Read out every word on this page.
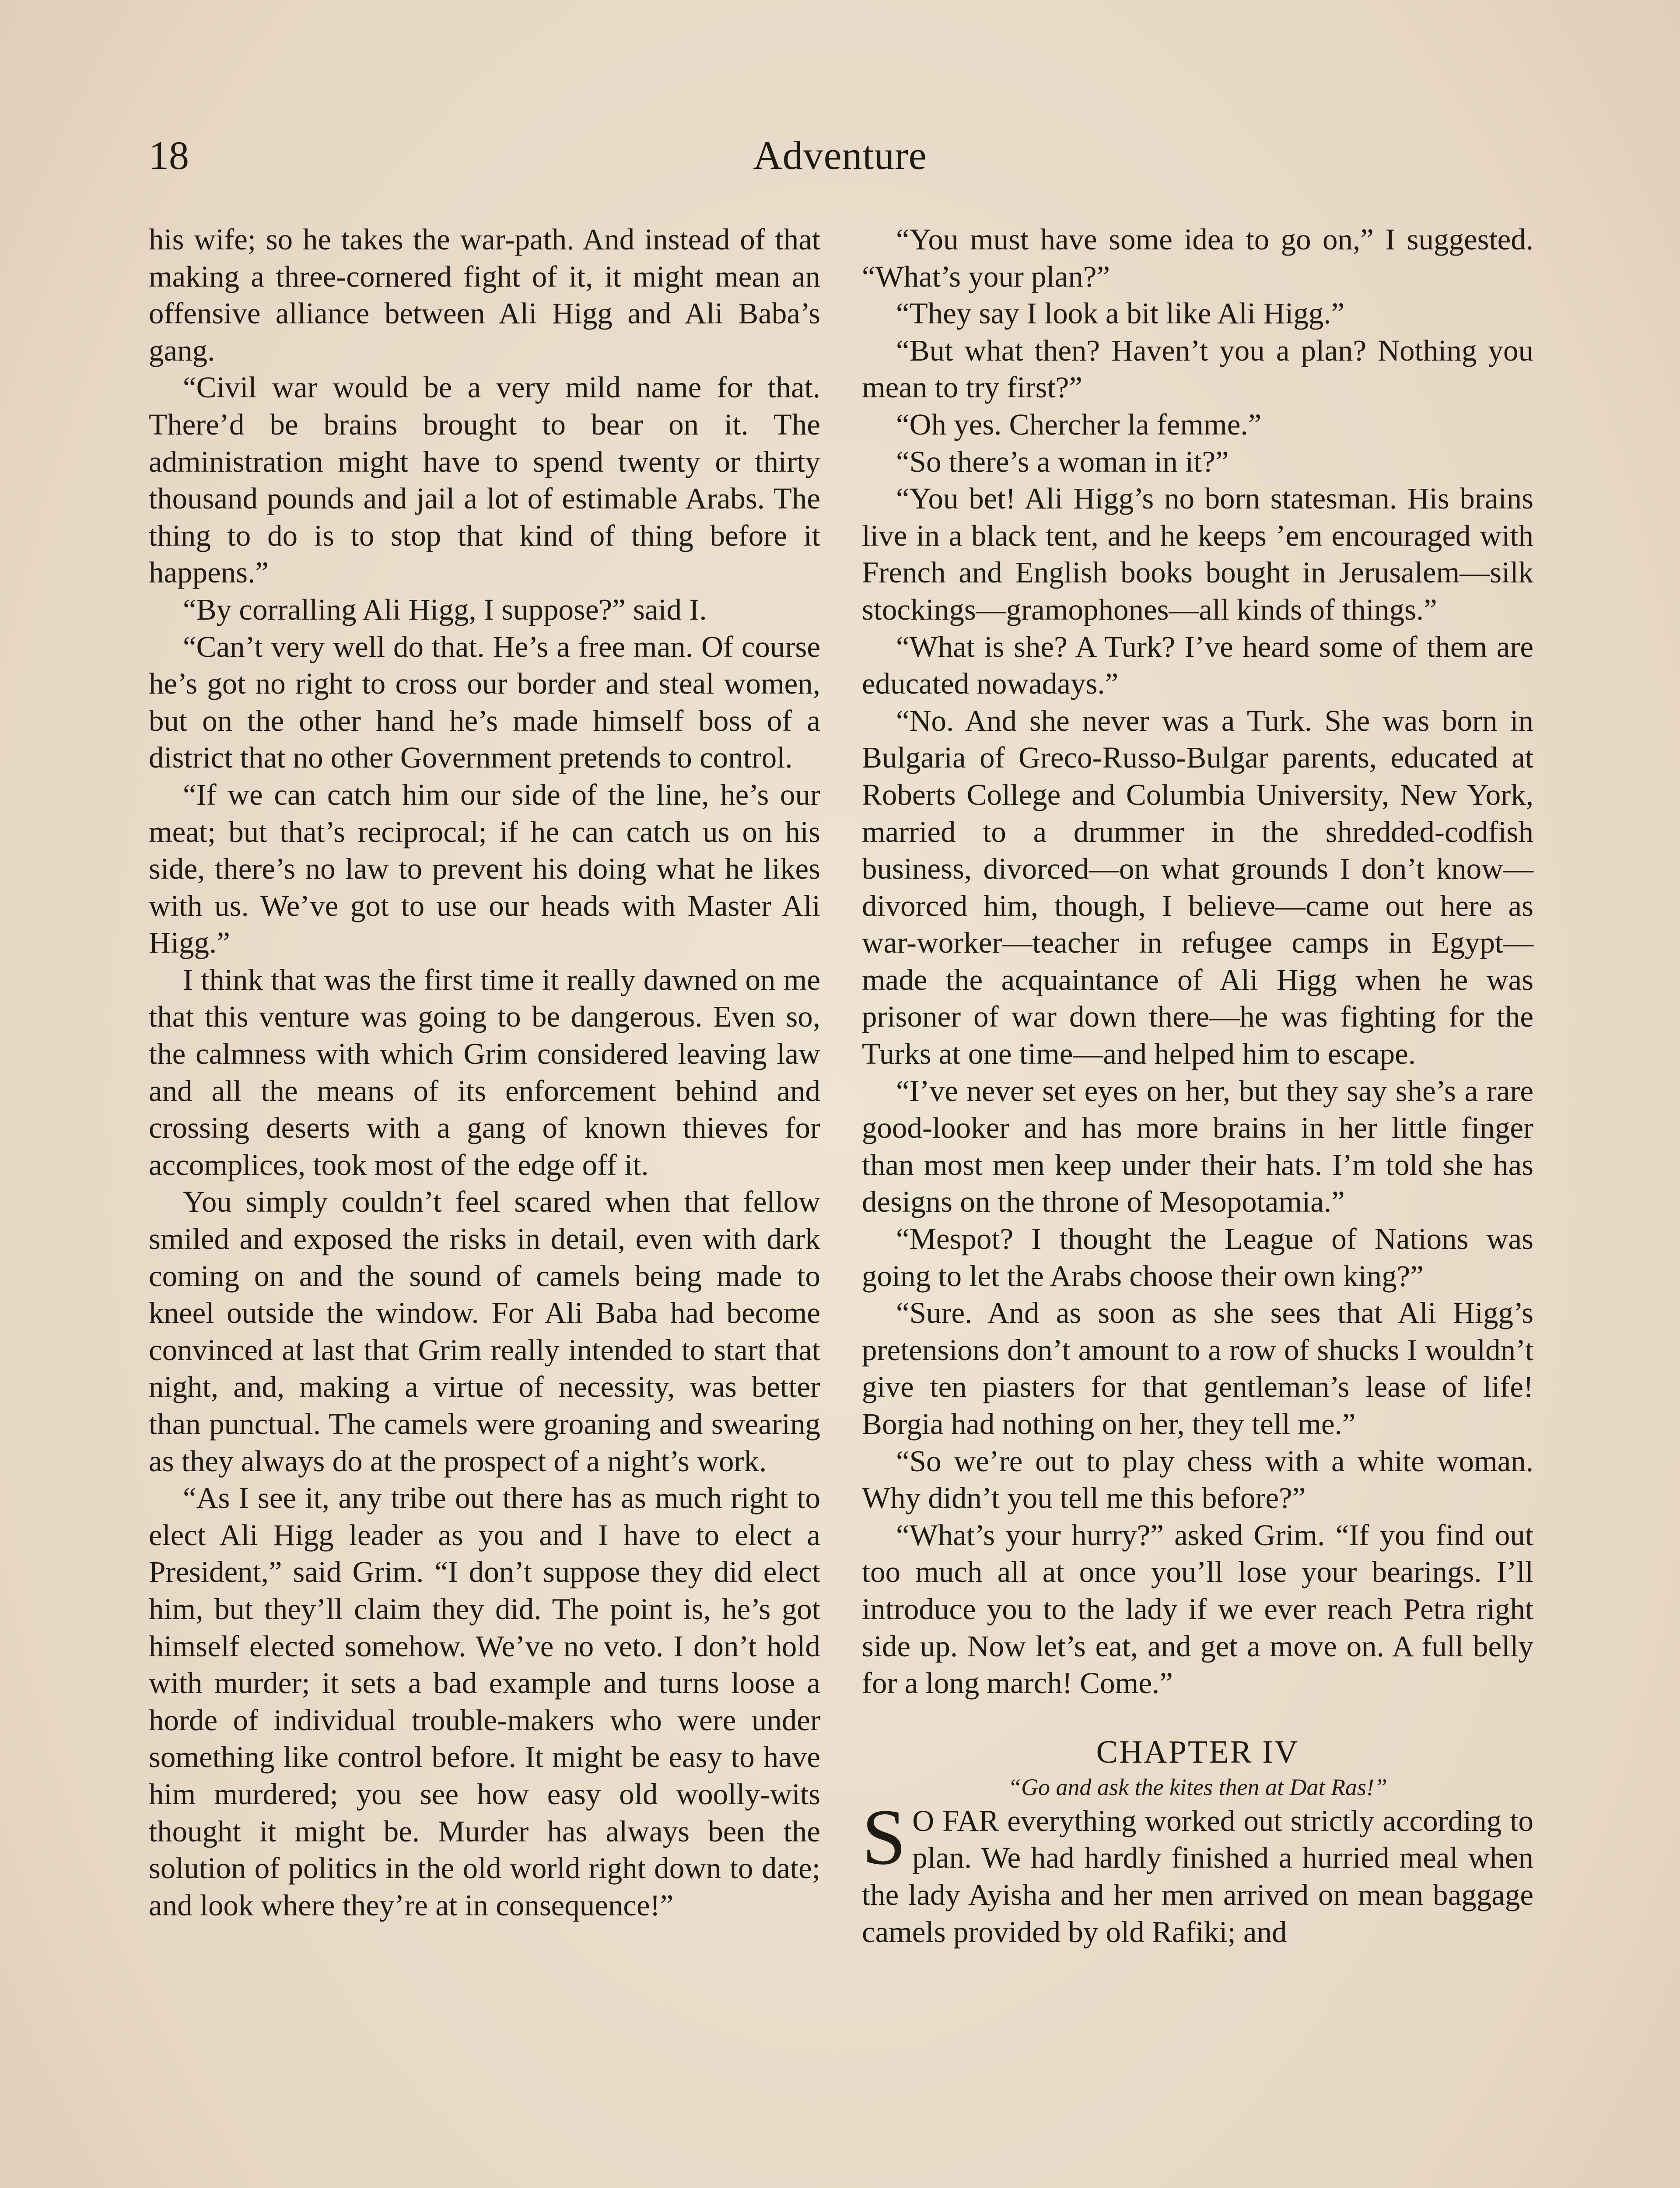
18	Adventure

his wife; so he takes the war-path. And instead of that making a three-cornered fight of it, it might mean an offensive alliance between Ali Higg and Ali Baba’s gang.

“Civil war would be a very mild name for that. There’d be brains brought to bear on it. The administration might have to spend twenty or thirty thousand pounds and jail a lot of estimable Arabs. The thing to do is to stop that kind of thing before it happens.”

“By corralling Ali Higg, I suppose?” said I.

“Can’t very well do that. He’s a free man. Of course he’s got no right to cross our border and steal women, but on the other hand he’s made himself boss of a district that no other Government pretends to control.

“If we can catch him our side of the line, he’s our meat; but that’s reciprocal; if he can catch us on his side, there’s no law to prevent his doing what he likes with us. We’ve got to use our heads with Master Ali Higg.”

I think that was the first time it really dawned on me that this venture was going to be dangerous. Even so, the calmness with which Grim considered leaving law and all the means of its enforcement behind and crossing deserts with a gang of known thieves for accomplices, took most of the edge off it.

You simply couldn’t feel scared when that fellow smiled and exposed the risks in detail, even with dark coming on and the sound of camels being made to kneel outside the window. For Ali Baba had become convinced at last that Grim really intended to start that night, and, making a virtue of necessity, was better than punctual. The camels were groaning and swearing as they always do at the prospect of a night’s work.

“As I see it, any tribe out there has as much right to elect Ali Higg leader as you and I have to elect a President,” said Grim. “I don’t suppose they did elect him, but they’ll claim they did. The point is, he’s got himself elected somehow. We’ve no veto. I don’t hold with murder; it sets a bad example and turns loose a horde of individual trouble-makers who were under something like control before. It might be easy to have him murdered; you see how easy old woolly-wits thought it might be. Murder has always been the solution of politics in the old world right down to date; and look where they’re at in consequence!”

“You must have some idea to go on,” I suggested. “What’s your plan?”

“They say I look a bit like Ali Higg.”

“But what then? Haven’t you a plan? Nothing you mean to try first?”

“Oh yes. Chercher la femme.”

“So there’s a woman in it?”

“You bet! Ali Higg’s no born statesman. His brains live in a black tent, and he keeps ’em encouraged with French and English books bought in Jerusalem—silk stockings—gramophones—all kinds of things.”

“What is she? A Turk? I’ve heard some of them are educated nowadays.”

“No. And she never was a Turk. She was born in Bulgaria of Greco-Russo-Bulgar parents, educated at Roberts College and Columbia University, New York, married to a drummer in the shredded-codfish business, divorced—on what grounds I don’t know—divorced him, though, I believe—came out here as war-worker—teacher in refugee camps in Egypt—made the acquaintance of Ali Higg when he was prisoner of war down there—he was fighting for the Turks at one time—and helped him to escape.

“I’ve never set eyes on her, but they say she’s a rare good-looker and has more brains in her little finger than most men keep under their hats. I’m told she has designs on the throne of Mesopotamia.”

“Mespot? I thought the League of Nations was going to let the Arabs choose their own king?”

“Sure. And as soon as she sees that Ali Higg’s pretensions don’t amount to a row of shucks I wouldn’t give ten piasters for that gentleman’s lease of life! Borgia had nothing on her, they tell me.”

“So we’re out to play chess with a white woman. Why didn’t you tell me this before?”

“What’s your hurry?” asked Grim. “If you find out too much all at once you’ll lose your bearings. I’ll introduce you to the lady if we ever reach Petra right side up. Now let’s eat, and get a move on. A full belly for a long march! Come.”

CHAPTER IV

“Go and ask the kites then at Dat Ras!”

S O FAR everything worked out strictly according to plan. We had hardly finished a hurried meal when the lady Ayisha and her men arrived on mean baggage camels provided by old Rafiki; and
